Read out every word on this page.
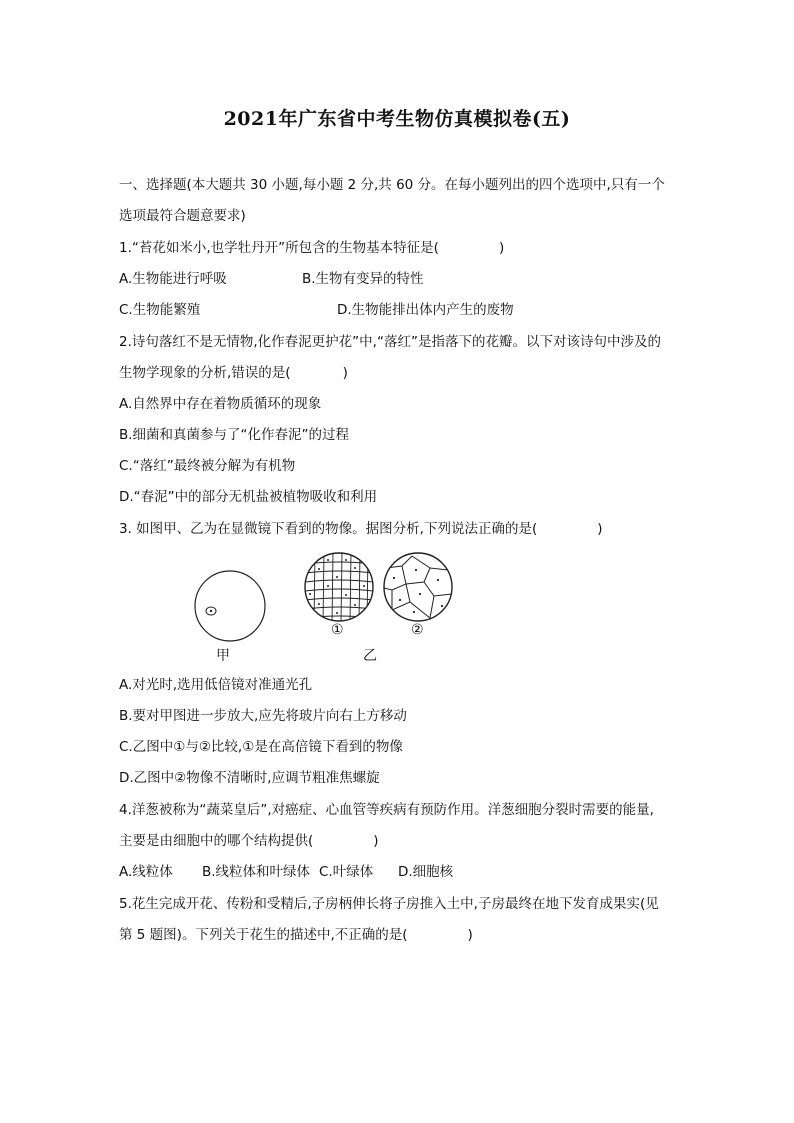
2021年广东省中考生物仿真模拟卷(五)
一、选择题(本大题共 30 小题,每小题 2 分,共 60 分。在每小题列出的四个选项中,只有一个
选项最符合题意要求)
1.“苔花如米小,也学牡丹开”所包含的生物基本特征是(	)
A.生物能进行呼吸	B.生物有变异的特性
C.生物能繁殖	D.生物能排出体内产生的废物
2.诗句落红不是无情物,化作春泥更护花”中,“落红”是指落下的花瓣。以下对该诗句中涉及的
生物学现象的分析,错误的是(	)
A.自然界中存在着物质循环的现象
B.细菌和真菌参与了“化作春泥”的过程
C.“落红”最终被分解为有机物
D.“春泥”中的部分无机盐被植物吸收和利用
3. 如图甲、乙为在显微镜下看到的物像。据图分析,下列说法正确的是(	)
甲
①	②
乙
A.对光时,选用低倍镜对准通光孔
B.要对甲图进一步放大,应先将玻片向右上方移动
C.乙图中①与②比较,①是在高倍镜下看到的物像
D.乙图中②物像不清晰时,应调节粗准焦螺旋
4.洋葱被称为“蔬菜皇后”,对癌症、心血管等疾病有预防作用。洋葱细胞分裂时需要的能量,
主要是由细胞中的哪个结构提供(	)
A.线粒体 B.线粒体和叶绿体 C.叶绿体 D.细胞核
5.花生完成开花、传粉和受精后,子房柄伸长将子房推入土中,子房最终在地下发育成果实(见
第 5 题图)。下列关于花生的描述中,不正确的是(	)
